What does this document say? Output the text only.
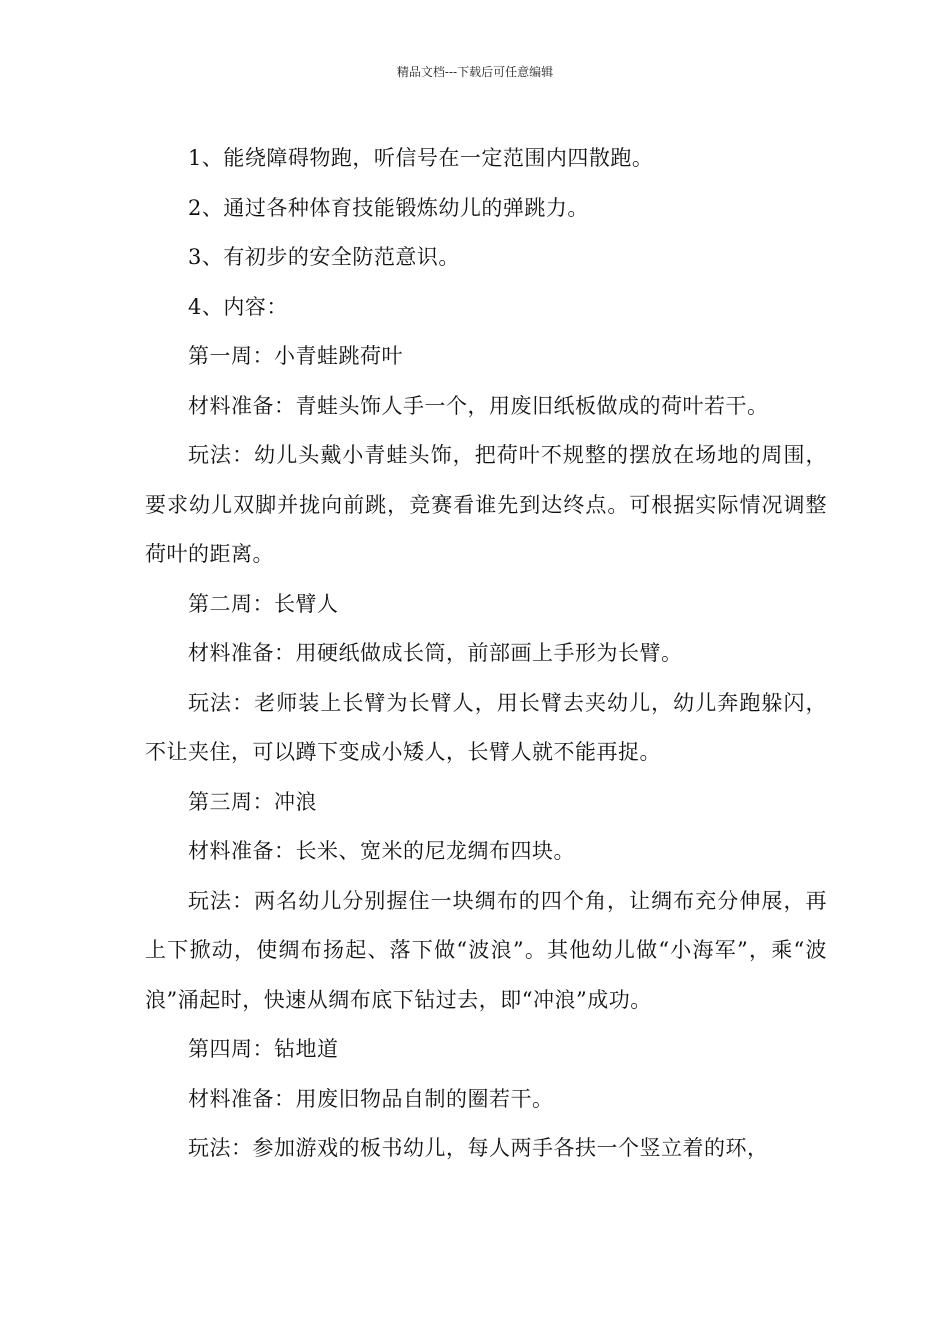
精品文档---下载后可任意编辑

1、能绕障碍物跑，听信号在一定范围内四散跑。

2、通过各种体育技能锻炼幼儿的弹跳力。

3、有初步的安全防范意识。

4、内容：

第一周：小青蛙跳荷叶

材料准备：青蛙头饰人手一个，用废旧纸板做成的荷叶若干。

玩法：幼儿头戴小青蛙头饰，把荷叶不规整的摆放在场地的周围，要求幼儿双脚并拢向前跳，竞赛看谁先到达终点。可根据实际情况调整荷叶的距离。

第二周：长臂人

材料准备：用硬纸做成长筒，前部画上手形为长臂。

玩法：老师装上长臂为长臂人，用长臂去夹幼儿，幼儿奔跑躲闪，不让夹住，可以蹲下变成小矮人，长臂人就不能再捉。

第三周：冲浪

材料准备：长米、宽米的尼龙绸布四块。

玩法：两名幼儿分别握住一块绸布的四个角，让绸布充分伸展，再上下掀动，使绸布扬起、落下做“波浪”。其他幼儿做“小海军”，乘“波浪”涌起时，快速从绸布底下钻过去，即“冲浪”成功。

第四周：钻地道

材料准备：用废旧物品自制的圈若干。

玩法：参加游戏的板书幼儿，每人两手各扶一个竖立着的环，
